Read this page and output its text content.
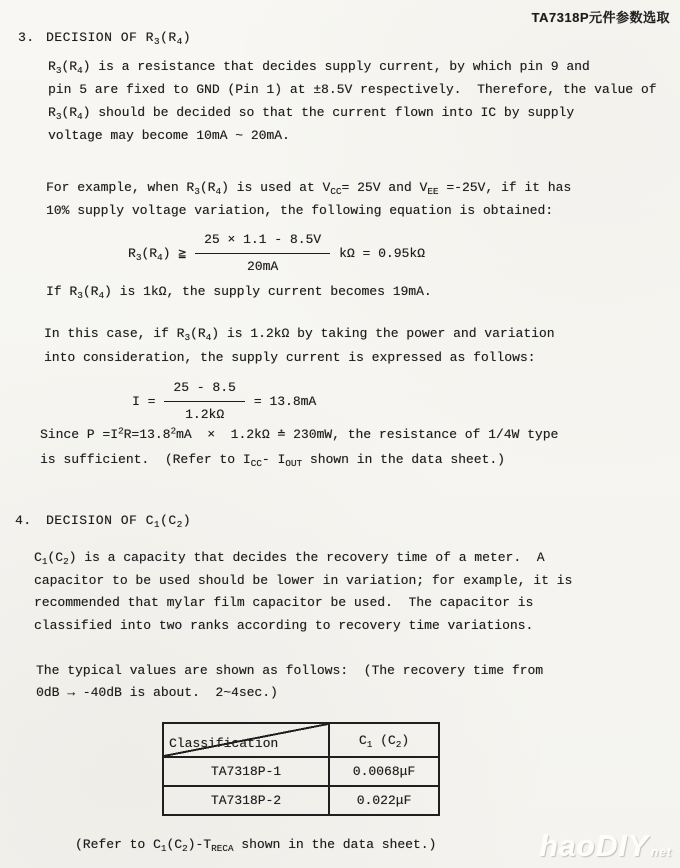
TA7318P元件参数选取
3. DECISION OF $R_3(R_4)$
$R_3(R_4)$ is a resistance that decides supply current, by which pin 9 and
pin 5 are fixed to GND (Pin 1) at ±8.5V respectively.  Therefore, the value of
$R_3(R_4)$ should be decided so that the current flown into IC by supply
voltage may become 10mA ~ 20mA.
For example, when $R_3(R_4)$ is used at $V_{CC}= 25V$ and $V_{EE} =-25V$, if it has
10% supply voltage variation, the following equation is obtained:
$R_3(R_4)$ ≧ $\frac{25 \times 1.1 - 8.5V}{20mA}$ kΩ = 0.95kΩ
If $R_3(R_4)$ is 1kΩ, the supply current becomes 19mA.
In this case, if $R_3(R_4)$ is 1.2kΩ by taking the power and variation
into consideration, the supply current is expressed as follows:
$I = \frac{25 - 8.5}{1.2k\Omega} = 13.8mA$
Since $P =I^2R=13.8^2mA \times 1.2k\Omega$ ≐ 230mW, the resistance of 1/4W type
is sufficient.  (Refer to $I_{CC}-$ $I_{OUT}$ shown in the data sheet.)
4. DECISION OF $C_1(C_2)$
$C_1(C_2)$ is a capacity that decides the recovery time of a meter.  A
capacitor to be used should be lower in variation; for example, it is
recommended that mylar film capacitor be used.  The capacitor is
classified into two ranks according to recovery time variations.
The typical values are shown as follows:  (The recovery time from
0dB → -40dB is about.  2~4sec.)
Classification	$C_1$ $(C_2)$
TA7318P-1	0.0068μF
TA7318P-2	0.022μF
(Refer to $C_1(C_2)-T_{RECA}$ shown in the data sheet.)	haoDIY net
